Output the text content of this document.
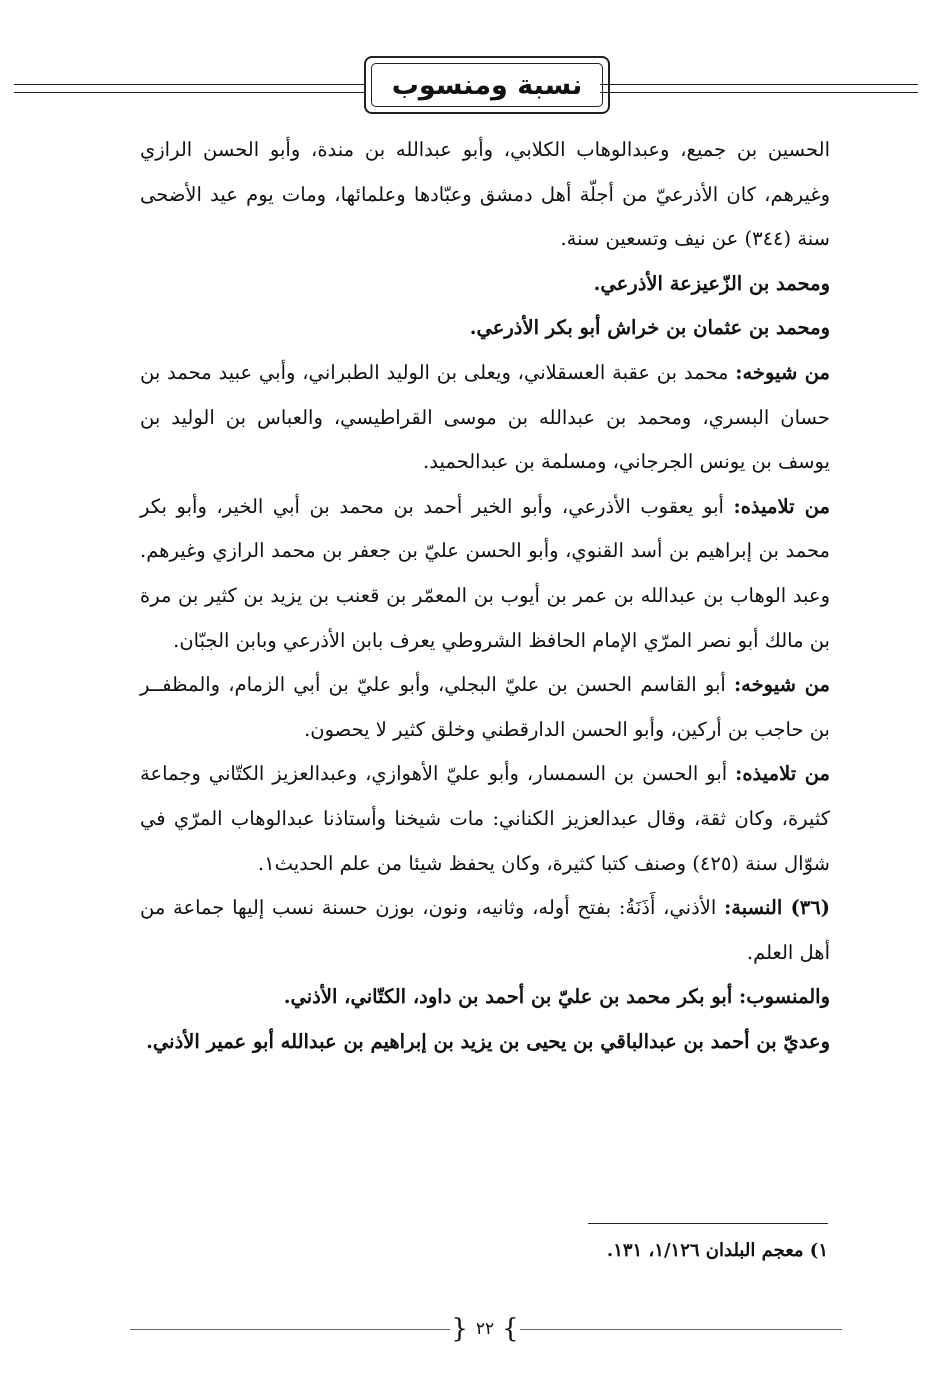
نسبة ومنسوب

الحسين بن جميع، وعبدالوهاب الكلابي، وأبو عبدالله بن مندة، وأبو الحسن الرازي وغيرهم، كان الأذرعيّ من أجلّة أهل دمشق وعبّادها وعلمائها، ومات يوم عيد الأضحى سنة (٣٤٤) عن نيف وتسعين سنة.

ومحمد بن الزّعيزعة الأذرعي.

ومحمد بن عثمان بن خراش أبو بكر الأذرعي.

من شيوخه: محمد بن عقبة العسقلاني، ويعلى بن الوليد الطبراني، وأبي عبيد محمد بن حسان البسري، ومحمد بن عبدالله بن موسى القراطيسي، والعباس بن الوليد بن يوسف بن يونس الجرجاني، ومسلمة بن عبدالحميد.

من تلاميذه: أبو يعقوب الأذرعي، وأبو الخير أحمد بن محمد بن أبي الخير، وأبو بكر محمد بن إبراهيم بن أسد القنوي، وأبو الحسن عليّ بن جعفر بن محمد الرازي وغيرهم. وعبد الوهاب بن عبدالله بن عمر بن أيوب بن المعمّر بن قعنب بن يزيد بن كثير بن مرة بن مالك أبو نصر المرّي الإمام الحافظ الشروطي يعرف بابن الأذرعي وبابن الجبّان.

من شيوخه: أبو القاسم الحسن بن عليّ البجلي، وأبو عليّ بن أبي الزمام، والمظفــر بن حاجب بن أركين، وأبو الحسن الدارقطني وخلق كثير لا يحصون.

من تلاميذه: أبو الحسن بن السمسار، وأبو عليّ الأهوازي، وعبدالعزيز الكتّاني وجماعة كثيرة، وكان ثقة، وقال عبدالعزيز الكناني: مات شيخنا وأستاذنا عبدالوهاب المرّي في شوّال سنة (٤٢٥) وصنف كتبا كثيرة، وكان يحفظ شيئا من علم الحديث١.

(٣٦) النسبة: الأذني، أَذَنَةُ: بفتح أوله، وثانيه، ونون، بوزن حسنة نسب إليها جماعة من أهل العلم.

والمنسوب: أبو بكر محمد بن عليّ بن أحمد بن داود، الكتّاني، الأذني.

وعديّ بن أحمد بن عبدالباقي بن يحيى بن يزيد بن إبراهيم بن عبدالله أبو عمير الأذني.

١) معجم البلدان ١/١٢٦، ١٣١.
}
٢٢
{
